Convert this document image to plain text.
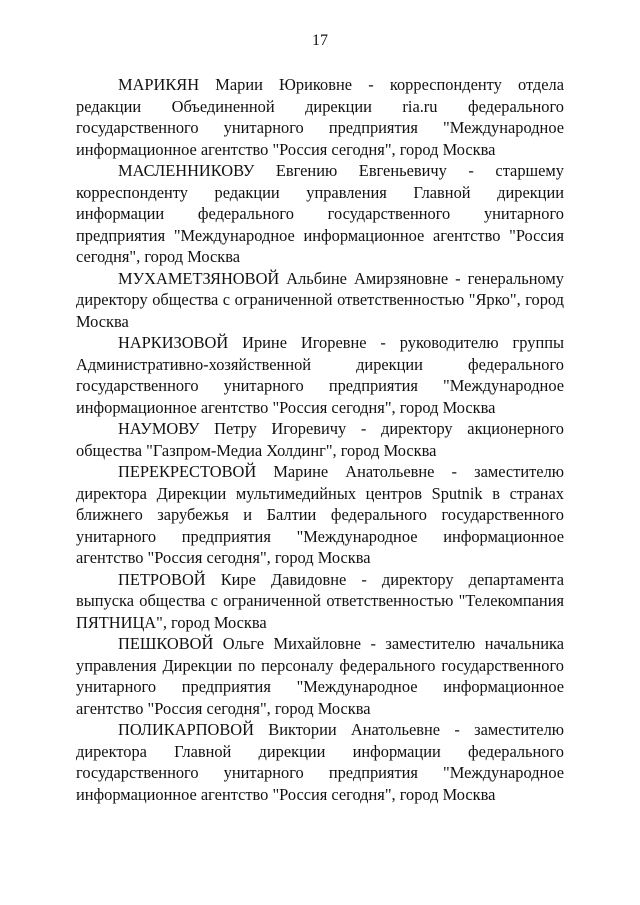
17

МАРИКЯН Марии Юриковне - корреспонденту отдела редакции Объединенной дирекции ria.ru федерального государственного унитарного предприятия "Международное информационное агентство "Россия сегодня", город Москва

МАСЛЕННИКОВУ Евгению Евгеньевичу - старшему корреспонденту редакции управления Главной дирекции информации федерального государственного унитарного предприятия "Международное информационное агентство "Россия сегодня", город Москва

МУХАМЕТЗЯНОВОЙ Альбине Амирзяновне - генеральному директору общества с ограниченной ответственностью "Ярко", город Москва

НАРКИЗОВОЙ Ирине Игоревне - руководителю группы Административно-хозяйственной дирекции федерального государственного унитарного предприятия "Международное информационное агентство "Россия сегодня", город Москва

НАУМОВУ Петру Игоревичу - директору акционерного общества "Газпром-Медиа Холдинг", город Москва

ПЕРЕКРЕСТОВОЙ Марине Анатольевне - заместителю директора Дирекции мультимедийных центров Sputnik в странах ближнего зарубежья и Балтии федерального государственного унитарного предприятия "Международное информационное агентство "Россия сегодня", город Москва

ПЕТРОВОЙ Кире Давидовне - директору департамента выпуска общества с ограниченной ответственностью "Телекомпания ПЯТНИЦА", город Москва

ПЕШКОВОЙ Ольге Михайловне - заместителю начальника управления Дирекции по персоналу федерального государственного унитарного предприятия "Международное информационное агентство "Россия сегодня", город Москва

ПОЛИКАРПОВОЙ Виктории Анатольевне - заместителю директора Главной дирекции информации федерального государственного унитарного предприятия "Международное информационное агентство "Россия сегодня", город Москва
